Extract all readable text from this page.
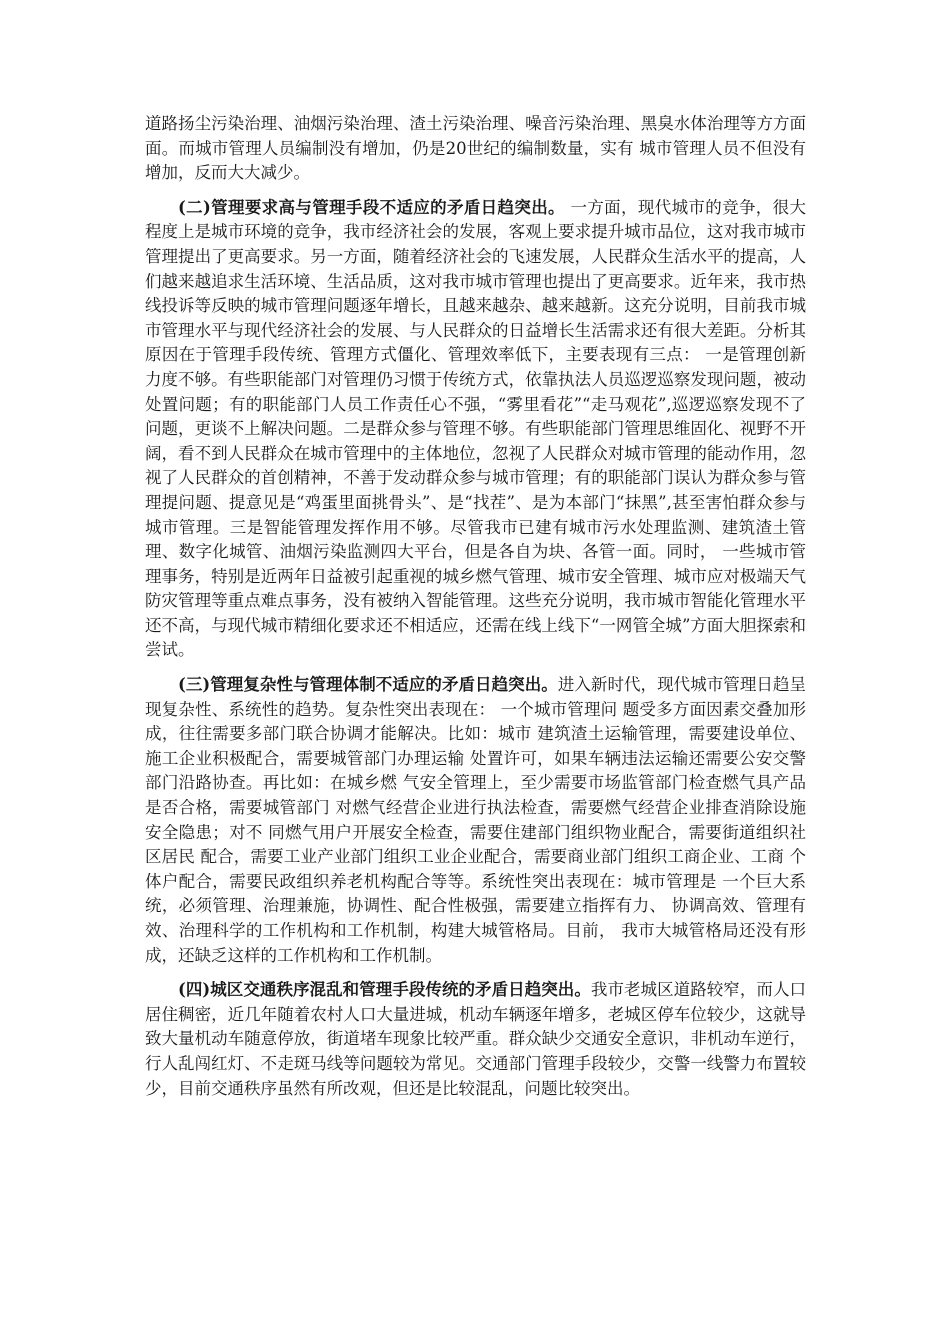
道路扬尘污染治理、油烟污染治理、渣土污染治理、噪音污染治理、黑臭水体治理等方方面面。而城市管理人员编制没有增加，仍是20世纪的编制数量，实有 城市管理人员不但没有增加，反而大大减少。

(二)管理要求高与管理手段不适应的矛盾日趋突出。 一方面，现代城市的竞争，很大程度上是城市环境的竞争，我市经济社会的发展，客观上要求提升城市品位，这对我市城市管理提出了更高要求。另一方面，随着经济社会的飞速发展，人民群众生活水平的提高，人们越来越追求生活环境、生活品质，这对我市城市管理也提出了更高要求。近年来，我市热线投诉等反映的城市管理问题逐年增长，且越来越杂、越来越新。这充分说明，目前我市城市管理水平与现代经济社会的发展、与人民群众的日益增长生活需求还有很大差距。分析其原因在于管理手段传统、管理方式僵化、管理效率低下，主要表现有三点： 一是管理创新力度不够。有些职能部门对管理仍习惯于传统方式，依靠执法人员巡逻巡察发现问题，被动处置问题；有的职能部门人员工作责任心不强，“雾里看花”“走马观花”,巡逻巡察发现不了问题，更谈不上解决问题。二是群众参与管理不够。有些职能部门管理思维固化、视野不开阔，看不到人民群众在城市管理中的主体地位，忽视了人民群众对城市管理的能动作用，忽视了人民群众的首创精神，不善于发动群众参与城市管理；有的职能部门误认为群众参与管理提问题、提意见是“鸡蛋里面挑骨头”、是“找茬”、是为本部门“抹黑”,甚至害怕群众参与城市管理。三是智能管理发挥作用不够。尽管我市已建有城市污水处理监测、建筑渣土管理、数字化城管、油烟污染监测四大平台，但是各自为块、各管一面。同时， 一些城市管理事务，特别是近两年日益被引起重视的城乡燃气管理、城市安全管理、城市应对极端天气防灾管理等重点难点事务，没有被纳入智能管理。这些充分说明，我市城市智能化管理水平还不高，与现代城市精细化要求还不相适应，还需在线上线下“一网管全城”方面大胆探索和尝试。

(三)管理复杂性与管理体制不适应的矛盾日趋突出。进入新时代，现代城市管理日趋呈现复杂性、系统性的趋势。复杂性突出表现在： 一个城市管理问 题受多方面因素交叠加形成，往往需要多部门联合协调才能解决。比如：城市 建筑渣土运输管理，需要建设单位、施工企业积极配合，需要城管部门办理运输 处置许可，如果车辆违法运输还需要公安交警部门沿路协查。再比如：在城乡燃 气安全管理上，至少需要市场监管部门检查燃气具产品是否合格，需要城管部门 对燃气经营企业进行执法检查，需要燃气经营企业排查消除设施安全隐患；对不 同燃气用户开展安全检查，需要住建部门组织物业配合，需要街道组织社区居民 配合，需要工业产业部门组织工业企业配合，需要商业部门组织工商企业、工商 个体户配合，需要民政组织养老机构配合等等。系统性突出表现在：城市管理是 一个巨大系统，必须管理、治理兼施，协调性、配合性极强，需要建立指挥有力、 协调高效、管理有效、治理科学的工作机构和工作机制，构建大城管格局。目前， 我市大城管格局还没有形成，还缺乏这样的工作机构和工作机制。

(四)城区交通秩序混乱和管理手段传统的矛盾日趋突出。我市老城区道路较窄，而人口居住稠密，近几年随着农村人口大量进城，机动车辆逐年增多，老城区停车位较少，这就导致大量机动车随意停放，街道堵车现象比较严重。群众缺少交通安全意识，非机动车逆行，行人乱闯红灯、不走斑马线等问题较为常见。交通部门管理手段较少，交警一线警力布置较少，目前交通秩序虽然有所改观，但还是比较混乱，问题比较突出。
